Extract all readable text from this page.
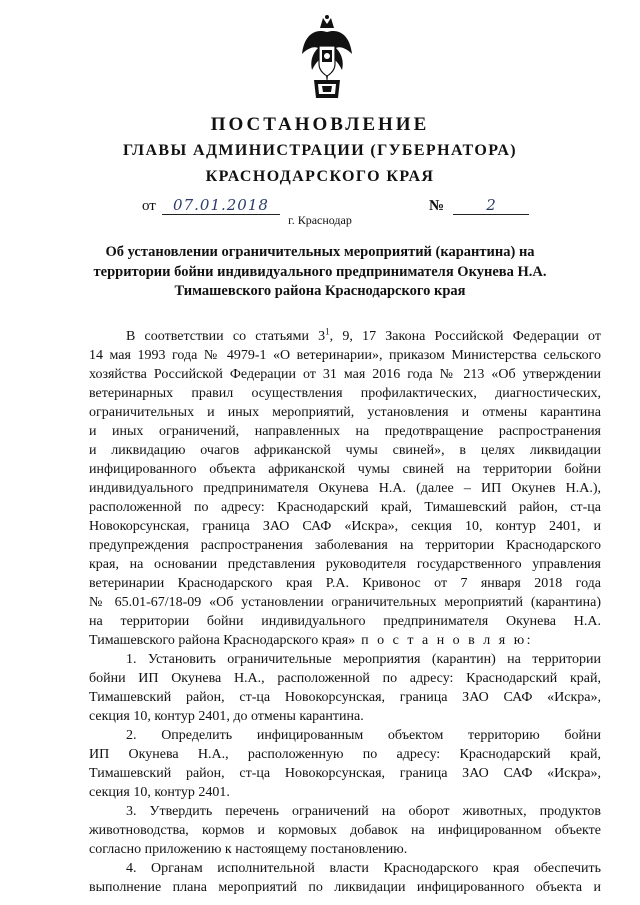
ПОСТАНОВЛЕНИЕ
ГЛАВЫ АДМИНИСТРАЦИИ (ГУБЕРНАТОРА)
КРАСНОДАРСКОГО КРАЯ
от	07.01.2018	№	2
г. Краснодар
Об установлении ограничительных мероприятий (карантина) на
территории бойни индивидуального предпринимателя Окунева Н.А.
Тимашевского района Краснодарского края
В соответствии со статьями $3^1$, 9, 17 Закона Российской Федерации от
14 мая 1993 года № 4979-1 «О ветеринарии», приказом Министерства сельского
хозяйства Российской Федерации от 31 мая 2016 года № 213 «Об утверждении
ветеринарных правил осуществления профилактических, диагностических,
ограничительных и иных мероприятий, установления и отмены карантина
и иных ограничений, направленных на предотвращение распространения
и ликвидацию очагов африканской чумы свиней», в целях ликвидации
инфицированного объекта африканской чумы свиней на территории бойни
индивидуального предпринимателя Окунева Н.А. (далее – ИП Окунев Н.А.),
расположенной по адресу: Краснодарский край, Тимашевский район, ст-ца
Новокорсунская, граница ЗАО САФ «Искра», секция 10, контур 2401, и
предупреждения распространения заболевания на территории Краснодарского
края, на основании представления руководителя государственного управления
ветеринарии Краснодарского края Р.А. Кривонос от 7 января 2018 года
№ 65.01-67/18-09 «Об установлении ограничительных мероприятий (карантина)
на территории бойни индивидуального предпринимателя Окунева Н.А.
Тимашевского района Краснодарского края» п о с т а н о в л я ю:
1. Установить ограничительные мероприятия (карантин) на территории
бойни ИП Окунева Н.А., расположенной по адресу: Краснодарский край,
Тимашевский район, ст-ца Новокорсунская, граница ЗАО САФ «Искра»,
секция 10, контур 2401, до отмены карантина.
2. Определить инфицированным объектом территорию бойни
ИП Окунева Н.А., расположенную по адресу: Краснодарский край,
Тимашевский район, ст-ца Новокорсунская, граница ЗАО САФ «Искра»,
секция 10, контур 2401.
3. Утвердить перечень ограничений на оборот животных, продуктов
животноводства, кормов и кормовых добавок на инфицированном объекте
согласно приложению к настоящему постановлению.
4. Органам исполнительной власти Краснодарского края обеспечить
выполнение плана мероприятий по ликвидации инфицированного объекта и
